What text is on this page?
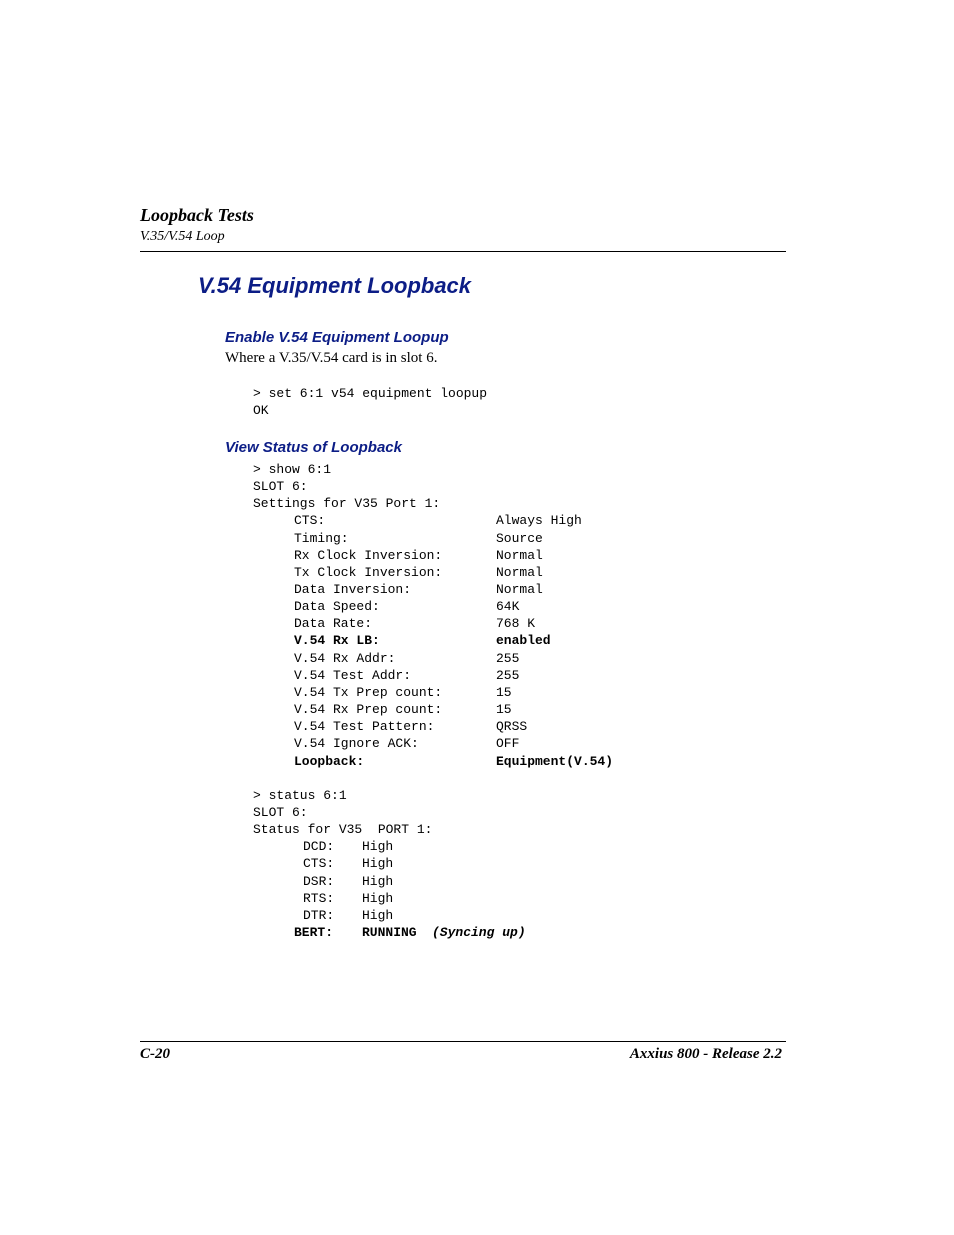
Loopback Tests
V.35/V.54 Loop
V.54 Equipment Loopback
Enable V.54 Equipment Loopup
Where a V.35/V.54 card is in slot 6.
> set 6:1 v54 equipment loopup
OK
View Status of Loopback
> show 6:1
SLOT 6:
Settings for V35 Port 1:
CTS:	Always High
Timing:	Source
Rx Clock Inversion:	Normal
Tx Clock Inversion:	Normal
Data Inversion:	Normal
Data Speed:	64K
Data Rate:	768 K
V.54 Rx LB:	enabled
V.54 Rx Addr:	255
V.54 Test Addr:	255
V.54 Tx Prep count:	15
V.54 Rx Prep count:	15
V.54 Test Pattern:	QRSS
V.54 Ignore ACK:	OFF
Loopback:	Equipment(V.54)
> status 6:1
SLOT 6:
Status for V35  PORT 1:
DCD: High
CTS: High
DSR: High
RTS: High
DTR: High
BERT: RUNNING (Syncing up)
C-20	Axxius 800 - Release 2.2
